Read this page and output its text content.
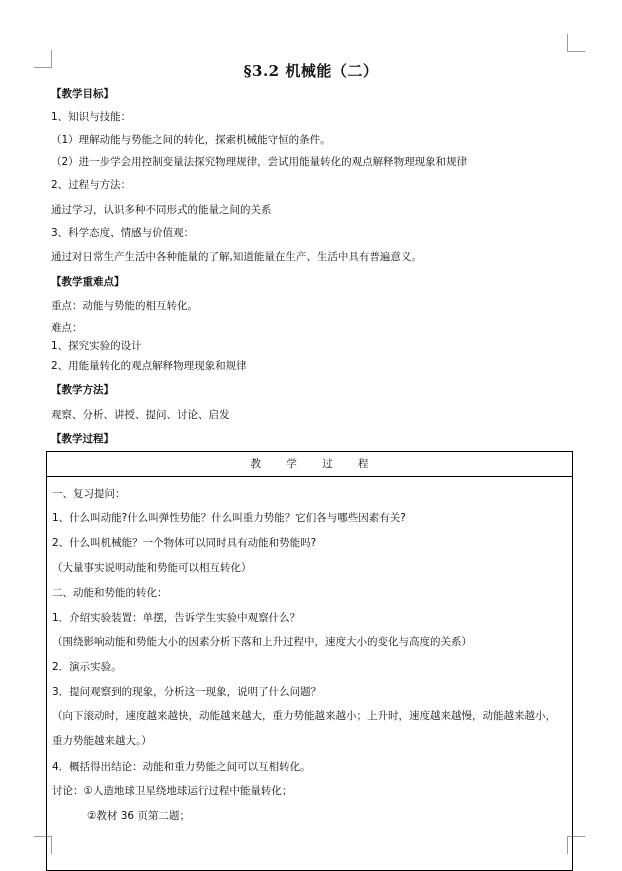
§3.2 机械能（二）
【教学目标】
1、知识与技能：
（1）理解动能与势能之间的转化，探索机械能守恒的条件。
（2）进一步学会用控制变量法探究物理规律，尝试用能量转化的观点解释物理现象和规律
2、过程与方法：
通过学习，认识多种不同形式的能量之间的关系
3、科学态度、情感与价值观：
通过对日常生产生活中各种能量的了解,知道能量在生产、生活中具有普遍意义。
【教学重难点】
重点：动能与势能的相互转化。
难点：
1、探究实验的设计
2、用能量转化的观点解释物理现象和规律
【教学方法】
观察、分析、讲授、提问、讨论、启发
【教学过程】
教 学 过 程
一、复习提问：
1、什么叫动能?什么叫弹性势能？什么叫重力势能？它们各与哪些因素有关?
2、什么叫机械能？一个物体可以同时具有动能和势能吗?
（大量事实说明动能和势能可以相互转化）
二、动能和势能的转化：
1．介绍实验装置：单摆，告诉学生实验中观察什么？
（围绕影响动能和势能大小的因素分析下落和上升过程中，速度大小的变化与高度的关系）
2．演示实验。
3．提问观察到的现象，分析这一现象，说明了什么问题？
（向下滚动时，速度越来越快，动能越来越大，重力势能越来越小；上升时，速度越来越慢，动能越来越小，重力势能越来越大。）
4．概括得出结论：动能和重力势能之间可以互相转化。
讨论：①人造地球卫星绕地球运行过程中能量转化；
②教材 36 页第二题；
